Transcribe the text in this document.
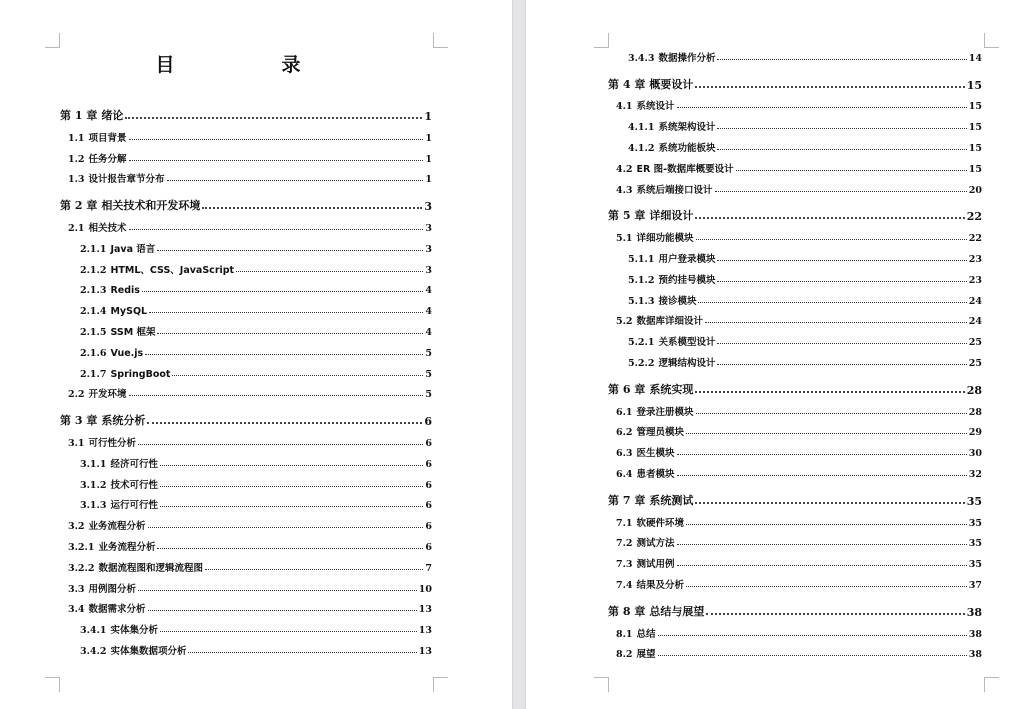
目　录
第 1 章 绪论	1
1.1 项目背景	1
1.2 任务分解	1
1.3 设计报告章节分布	1
第 2 章 相关技术和开发环境	3
2.1 相关技术	3
2.1.1 Java 语言	3
2.1.2 HTML、CSS、JavaScript	3
2.1.3 Redis	4
2.1.4 MySQL	4
2.1.5 SSM 框架	4
2.1.6 Vue.js	5
2.1.7 SpringBoot	5
2.2 开发环境	5
第 3 章 系统分析	6
3.1 可行性分析	6
3.1.1 经济可行性	6
3.1.2 技术可行性	6
3.1.3 运行可行性	6
3.2 业务流程分析	6
3.2.1 业务流程分析	6
3.2.2 数据流程图和逻辑流程图	7
3.3 用例图分析	10
3.4 数据需求分析	13
3.4.1 实体集分析	13
3.4.2 实体集数据项分析	13
3.4.3 数据操作分析	14
第 4 章 概要设计	15
4.1 系统设计	15
4.1.1 系统架构设计	15
4.1.2 系统功能板块	15
4.2 ER 图-数据库概要设计	15
4.3 系统后端接口设计	20
第 5 章 详细设计	22
5.1 详细功能模块	22
5.1.1 用户登录模块	23
5.1.2 预约挂号模块	23
5.1.3 接诊模块	24
5.2 数据库详细设计	24
5.2.1 关系模型设计	25
5.2.2 逻辑结构设计	25
第 6 章 系统实现	28
6.1 登录注册模块	28
6.2 管理员模块	29
6.3 医生模块	30
6.4 患者模块	32
第 7 章 系统测试	35
7.1 软硬件环境	35
7.2 测试方法	35
7.3 测试用例	35
7.4 结果及分析	37
第 8 章 总结与展望	38
8.1 总结	38
8.2 展望	38
